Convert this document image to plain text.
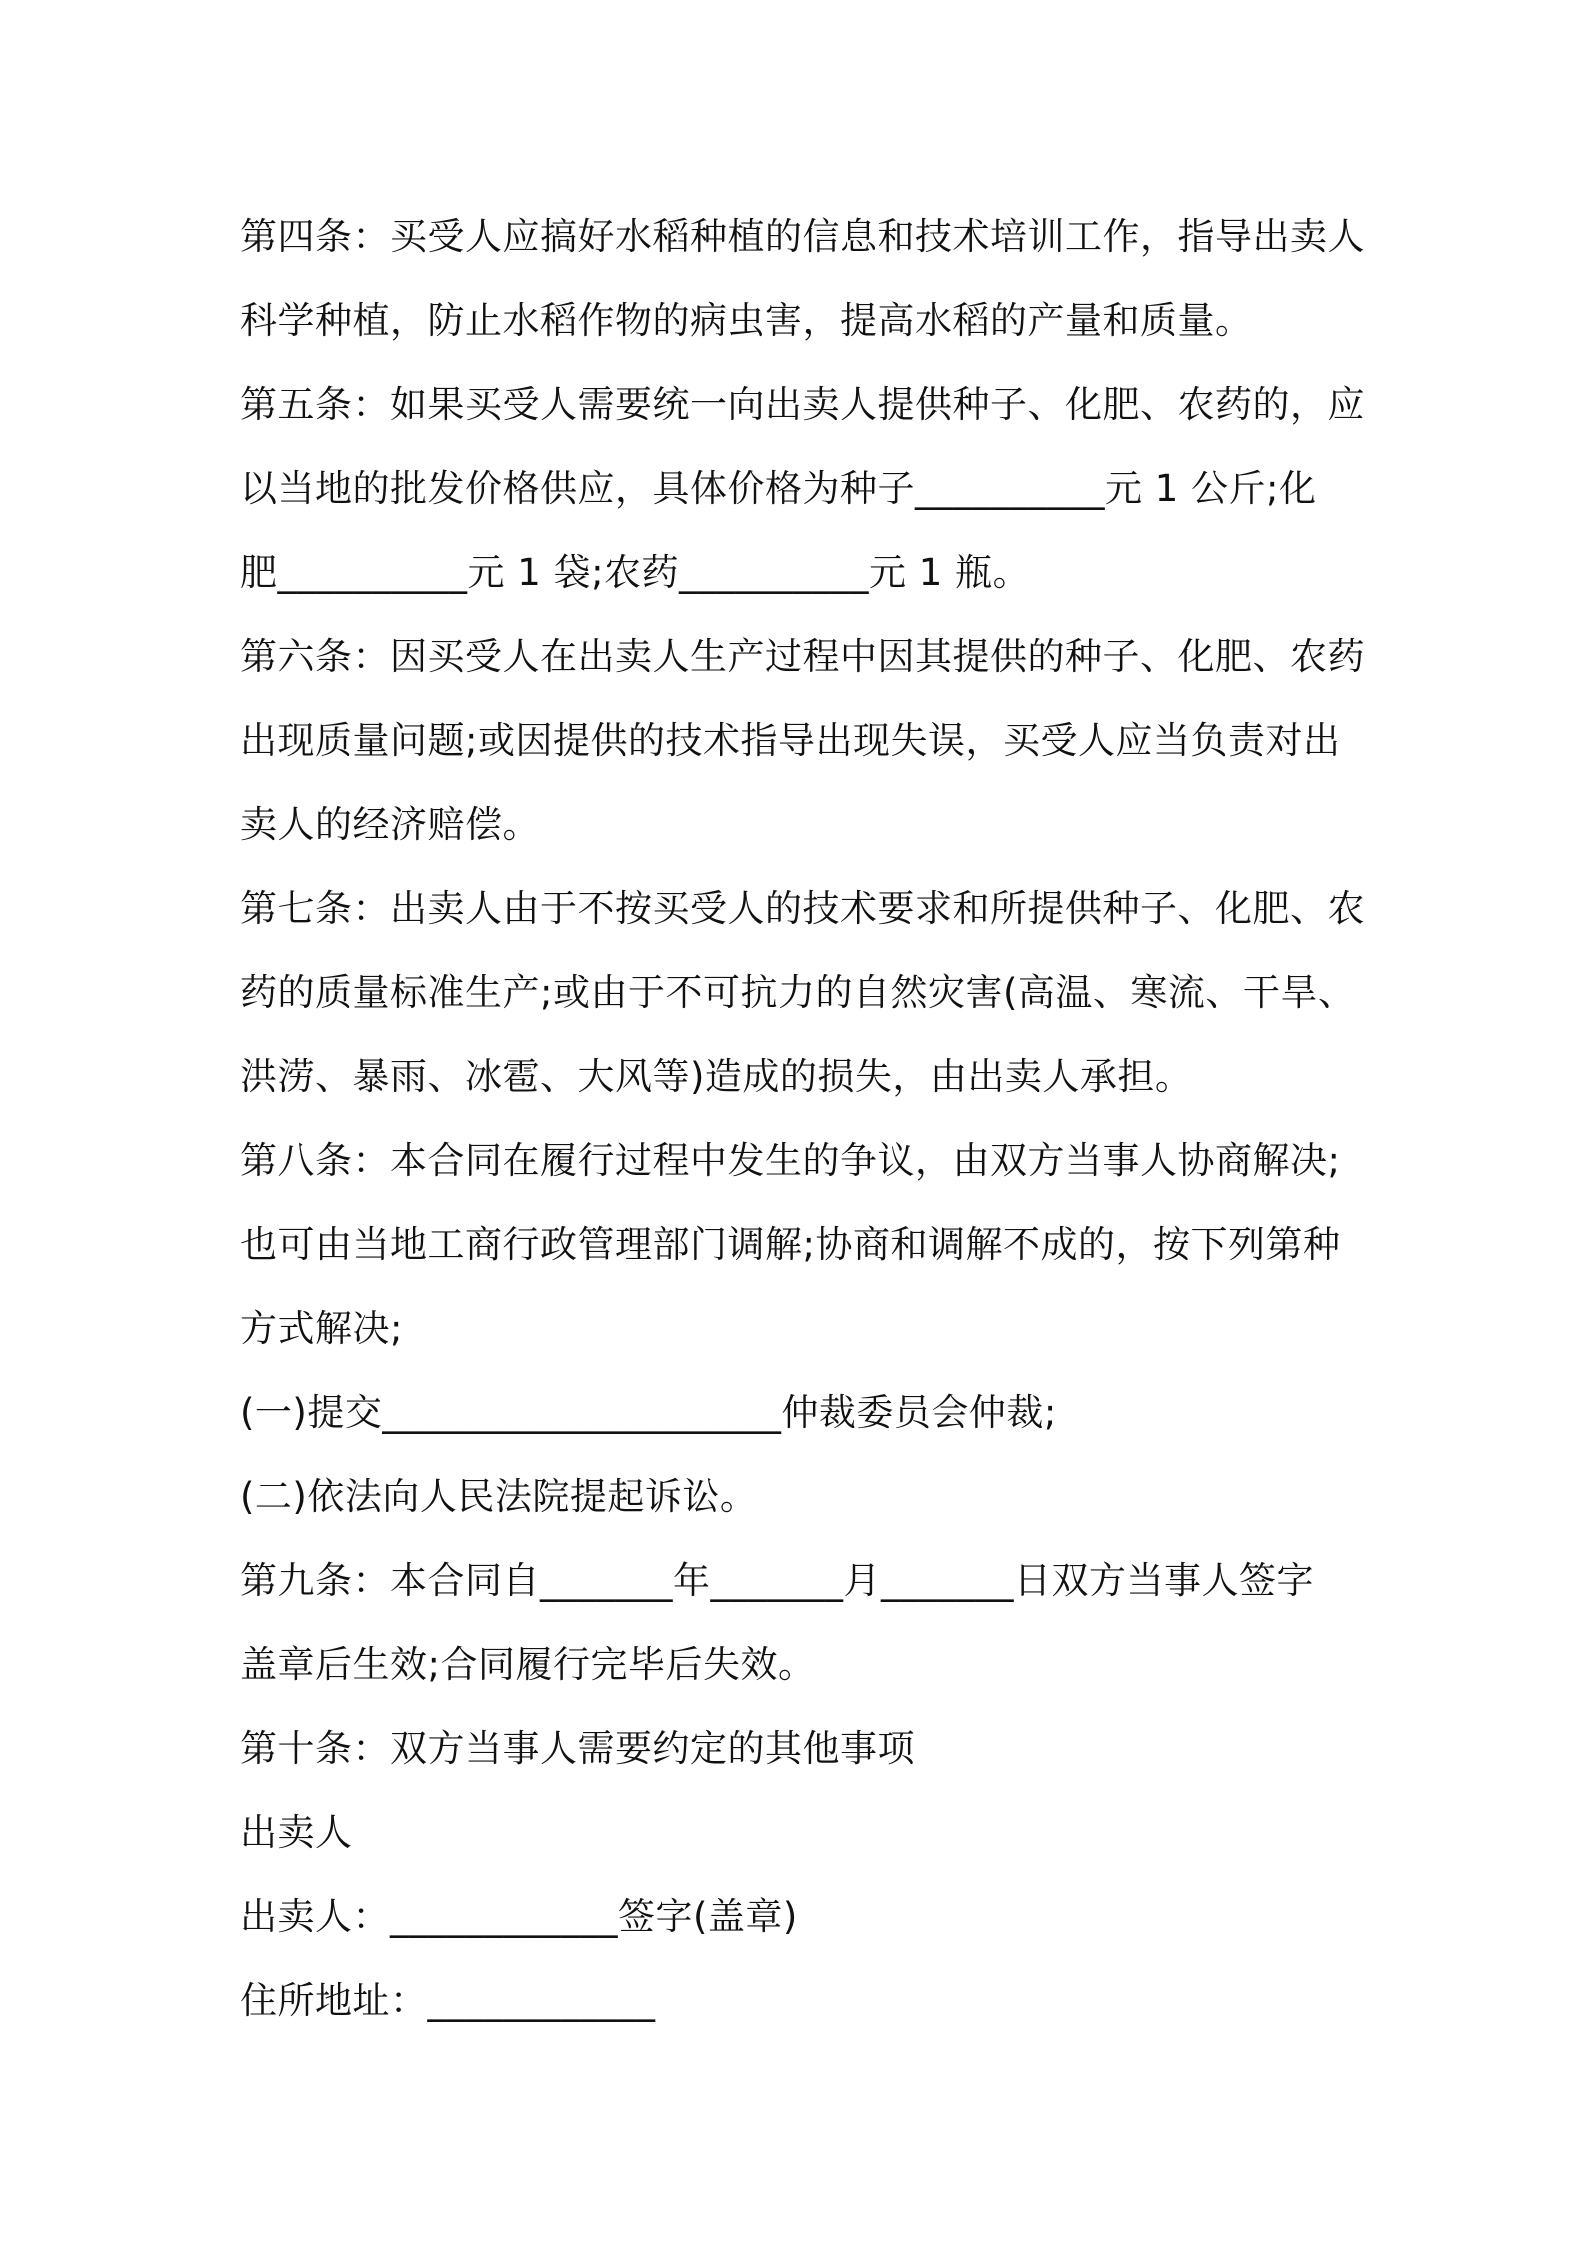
第四条：买受人应搞好水稻种植的信息和技术培训工作，指导出卖人
科学种植，防止水稻作物的病虫害，提高水稻的产量和质量。
第五条：如果买受人需要统一向出卖人提供种子、化肥、农药的，应
以当地的批发价格供应，具体价格为种子__________元 1 公斤;化
肥__________元 1 袋;农药__________元 1 瓶。
第六条：因买受人在出卖人生产过程中因其提供的种子、化肥、农药
出现质量问题;或因提供的技术指导出现失误，买受人应当负责对出
卖人的经济赔偿。
第七条：出卖人由于不按买受人的技术要求和所提供种子、化肥、农
药的质量标准生产;或由于不可抗力的自然灾害(高温、寒流、干旱、
洪涝、暴雨、冰雹、大风等)造成的损失，由出卖人承担。
第八条：本合同在履行过程中发生的争议，由双方当事人协商解决;
也可由当地工商行政管理部门调解;协商和调解不成的，按下列第种
方式解决;
(一)提交_____________________仲裁委员会仲裁;
(二)依法向人民法院提起诉讼。
第九条：本合同自_______年_______月_______日双方当事人签字
盖章后生效;合同履行完毕后失效。
第十条：双方当事人需要约定的其他事项
出卖人
出卖人：____________签字(盖章)
住所地址：____________
